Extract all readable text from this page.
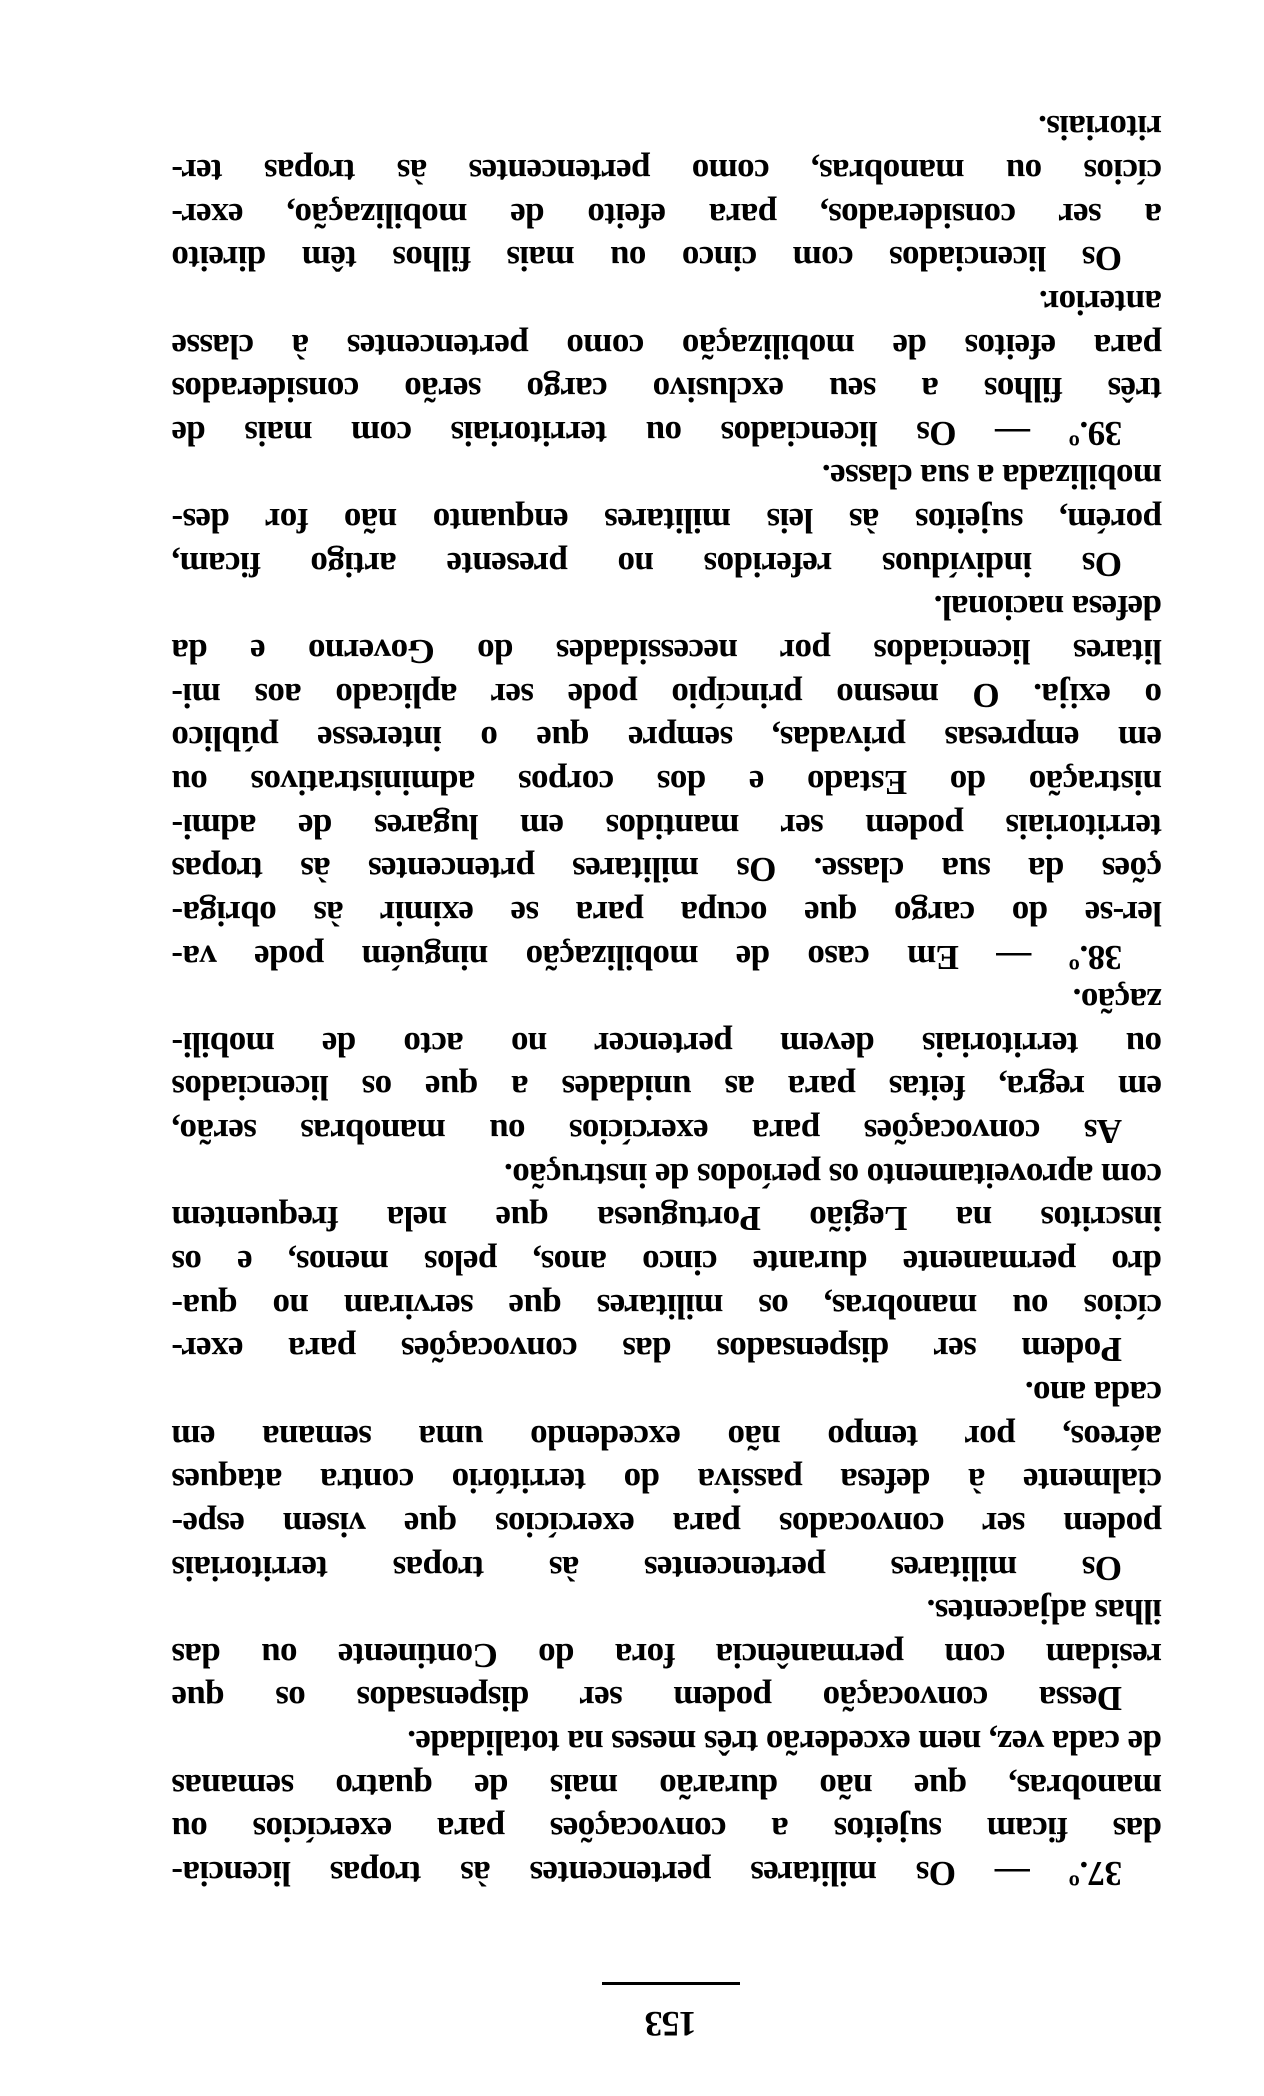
153
37.º — Os militares pertencentes às tropas licencia-
das ficam sujeitos a convocações para exercícios ou
manobras, que não durarão mais de quatro semanas
de cada vez, nem excederão três meses na totalidade.
Dessa convocação podem ser dispensados os que
residam com permanência fora do Continente ou das
ilhas adjacentes.
Os militares pertencentes às tropas territoriais
podem ser convocados para exercícios que visem espe-
cialmente à defesa passiva do território contra ataques
aéreos, por tempo não excedendo uma semana em
cada ano.
Podem ser dispensados das convocações para exer-
cícios ou manobras, os militares que serviram no qua-
dro permanente durante cinco anos, pelos menos, e os
inscritos na Legião Portuguesa que nela frequentem
com aproveitamento os períodos de instrução.
As convocações para exercícios ou manobras serão,
em regra, feitas para as unidades a que os licenciados
ou territoriais devem pertencer no acto de mobili-
zação.
38.º — Em caso de mobilização ninguém pode va-
ler-se do cargo que ocupa para se eximir às obriga-
ções da sua classe. Os militares prtencentes às tropas
territoriais podem ser mantidos em lugares de admi-
nistração do Estado e dos corpos administrativos ou
em empresas privadas, sempre que o interesse público
o exija. O mesmo princípio pode ser aplicado aos mi-
litares licenciados por necessidades do Governo e da
defesa nacional.
Os indivíduos referidos no presente artigo ficam,
porém, sujeitos às leis militares enquanto não for des-
mobilizada a sua classe.
39.º — Os licenciados ou territoriais com mais de
três filhos a seu exclusivo cargo serão considerados
para efeitos de mobilização como pertencentes à classe
anterior.
Os licenciados com cinco ou mais filhos têm direito
a ser considerados, para efeito de mobilização, exer-
cícios ou manobras, como pertencentes às tropas ter-
ritoriais.
